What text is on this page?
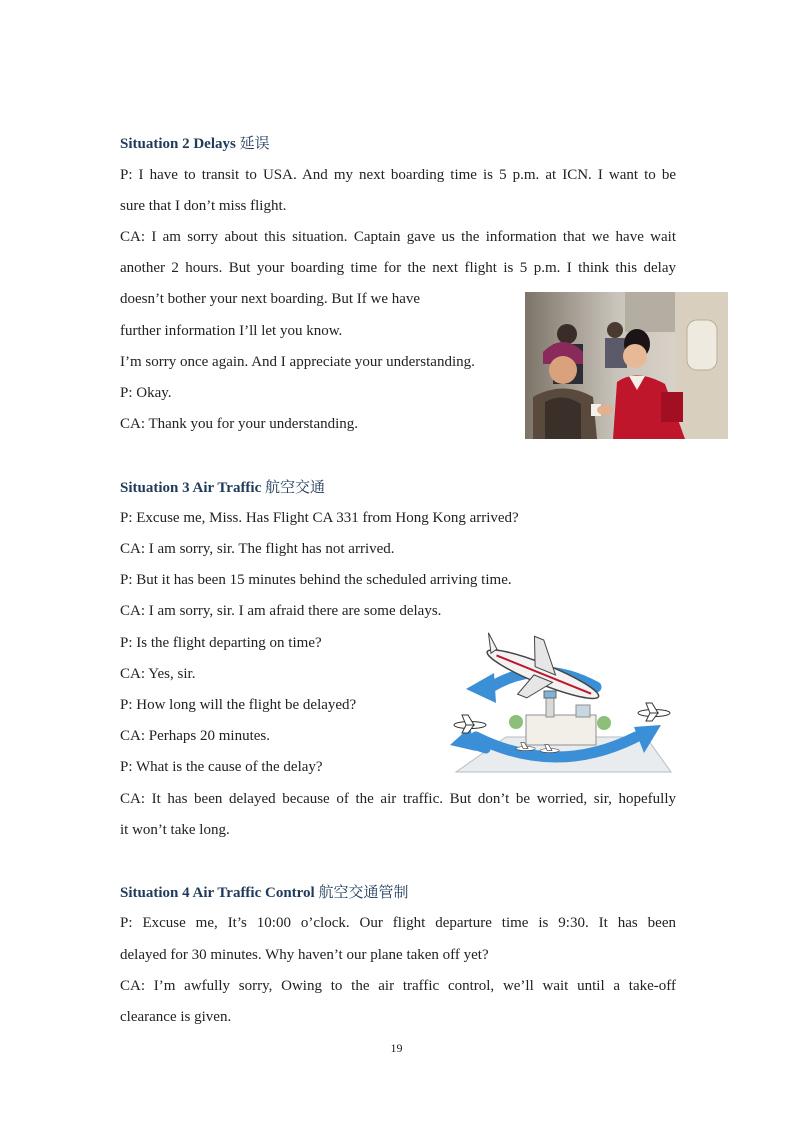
Situation 2 Delays 延误
P: I have to transit to USA. And my next boarding time is 5 p.m. at ICN. I want to be
sure that I don’t miss flight.
CA: I am sorry about this situation. Captain gave us the information that we have wait
another 2 hours. But your boarding time for the next flight is 5 p.m. I think this delay
doesn’t bother your next boarding. But If we have
further information I’ll let you know.
I’m sorry once again. And I appreciate your understanding.
P: Okay.
CA: Thank you for your understanding.
Situation 3 Air Traffic 航空交通
P: Excuse me, Miss. Has Flight CA 331 from Hong Kong arrived?
CA: I am sorry, sir. The flight has not arrived.
P: But it has been 15 minutes behind the scheduled arriving time.
CA: I am sorry, sir. I am afraid there are some delays.
P: Is the flight departing on time?
CA: Yes, sir.
P: How long will the flight be delayed?
CA: Perhaps 20 minutes.
P: What is the cause of the delay?
CA: It has been delayed because of the air traffic. But don’t be worried, sir, hopefully
it won’t take long.
Situation 4 Air Traffic Control 航空交通管制
P: Excuse me, It’s 10:00 o’clock. Our flight departure time is 9:30. It has been
delayed for 30 minutes. Why haven’t our plane taken off yet?
CA: I’m awfully sorry, Owing to the air traffic control, we’ll wait until a take-off
clearance is given.
19
